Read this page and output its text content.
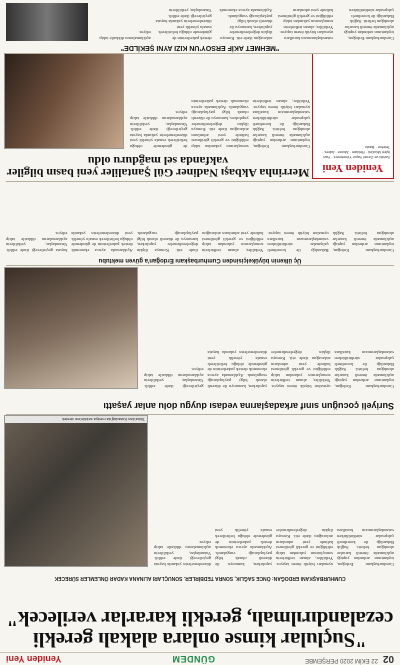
02
22 EKİM 2020 PERŞEMBE
GÜNDEM
Yeniden Yeni
"Suçlular kimse onlara alakalı gerekli cezalandırılmalı, gerekli kararlar verilecek"
CUMHURBAŞKANI ERDOĞAN: ÖNCE SAĞLIK, SONRA TEDBİRLER. SONUÇLARI ALINANA KADAR ÖNLEMLER SÜRECEK
Cumhurbaşkanı Erdoğan, toplantının ardından yaptığı açıklamada önemli kararlar alındığını belirtti. Sağlık Bakanlığı ile koordineli çalışmalar sürdürülürken vatandaşlarımızın kurallara uymaları büyük önem taşıyor. Yetkililer, alınan tedbirlerin sonuçlarının yakından takip edildiğini ve gerekli görülmesi halinde yeni adımların atılacağını ifade etti. Konuya ilişkin değerlendirmeler yapılırken, kamuoyu ile düzenli olarak bilgi paylaşılacağı vurgulandı. Açıklamada ayrıca ekonomik destek paketlerinin de gündemde olduğu belirtilerek esnafa yönelik yeni düzenlemelerin yakında hayata geçirileceği ifade edildi. Vatandaşlar, yetkililerin açıklamalarını dikkatle takip ediyor.
Tikka'dan Karadağ'da medya sektörüne destek
Suriyeli çocuğun sınıf arkadaşlarına vedası duygu dolu anlar yaşattı
Cumhurbaşkanı Erdoğan, toplantının ardından yaptığı açıklamada önemli kararlar alındığını belirtti. Sağlık Bakanlığı ile koordineli çalışmalar sürdürülürken vatandaşlarımızın kurallara uymaları büyük önem taşıyor. Yetkililer, alınan tedbirlerin sonuçlarının yakından takip edildiğini ve gerekli görülmesi halinde yeni adımların atılacağını ifade etti. Konuya ilişkin değerlendirmeler yapılırken, kamuoyu ile düzenli olarak bilgi paylaşılacağı vurgulandı. Açıklamada ayrıca ekonomik destek paketlerinin de gündemde olduğu belirtilerek esnafa yönelik yeni düzenlemelerin yakında hayata geçirileceği ifade edildi. Vatandaşlar, yetkililerin açıklamalarını dikkatle takip ediyor.
Üç ülkenin büyükelçisinden Cumhurbaşkanı Erdoğan'a güven mektubu
Cumhurbaşkanı Erdoğan, toplantının ardından yaptığı açıklamada önemli kararlar alındığını belirtti. Sağlık Bakanlığı ile koordineli çalışmalar sürdürülürken vatandaşlarımızın kurallara uymaları büyük önem taşıyor. Yetkililer, alınan tedbirlerin sonuçlarının yakından takip edildiğini ve gerekli görülmesi halinde yeni adımların atılacağını ifade etti. Konuya ilişkin değerlendirmeler yapılırken, kamuoyu ile düzenli olarak bilgi paylaşılacağı vurgulandı. Açıklamada ayrıca ekonomik destek paketlerinin de gündemde olduğu belirtilerek esnafa yönelik yeni düzenlemelerin yakında hayata geçirileceği ifade edildi. Vatandaşlar, yetkililerin açıklamalarını dikkatle takip ediyor.
Yeniden Yeni
Sahibi ve Genel Yayın Yönetmeni · Yazı İşleri Müdürü · Reklam · Abone · Adres · Telefon · Baskı
Merrinha Akbaşı Nadiner Gül Şantaliler yeni basın bilgiler vakfanda sel mağduru oldu
Cumhurbaşkanı Erdoğan, toplantının ardından yaptığı açıklamada önemli kararlar alındığını belirtti. Sağlık Bakanlığı ile koordineli çalışmalar sürdürülürken vatandaşlarımızın kurallara uymaları büyük önem taşıyor. Yetkililer, alınan tedbirlerin sonuçlarının yakından takip edildiğini ve gerekli görülmesi halinde yeni adımların atılacağını ifade etti. Konuya ilişkin değerlendirmeler yapılırken, kamuoyu ile düzenli olarak bilgi paylaşılacağı vurgulandı. Açıklamada ayrıca ekonomik destek paketlerinin de gündemde olduğu belirtilerek esnafa yönelik yeni düzenlemelerin yakında hayata geçirileceği ifade edildi. Vatandaşlar, yetkililerin açıklamalarını dikkatle takip ediyor.
"MEHMET AKİF ERSOY'UN KIZI AYNI ŞEKİLDE"
Cumhurbaşkanı Erdoğan, toplantının ardından yaptığı açıklamada önemli kararlar alındığını belirtti. Sağlık Bakanlığı ile koordineli çalışmalar sürdürülürken vatandaşlarımızın kurallara uymaları büyük önem taşıyor. Yetkililer, alınan tedbirlerin sonuçlarının yakından takip edildiğini ve gerekli görülmesi halinde yeni adımların atılacağını ifade etti. Konuya ilişkin değerlendirmeler yapılırken, kamuoyu ile düzenli olarak bilgi paylaşılacağı vurgulandı. Açıklamada ayrıca ekonomik destek paketlerinin de gündemde olduğu belirtilerek esnafa yönelik yeni düzenlemelerin yakında hayata geçirileceği ifade edildi. Vatandaşlar, yetkililerin açıklamalarını dikkatle takip ediyor.
